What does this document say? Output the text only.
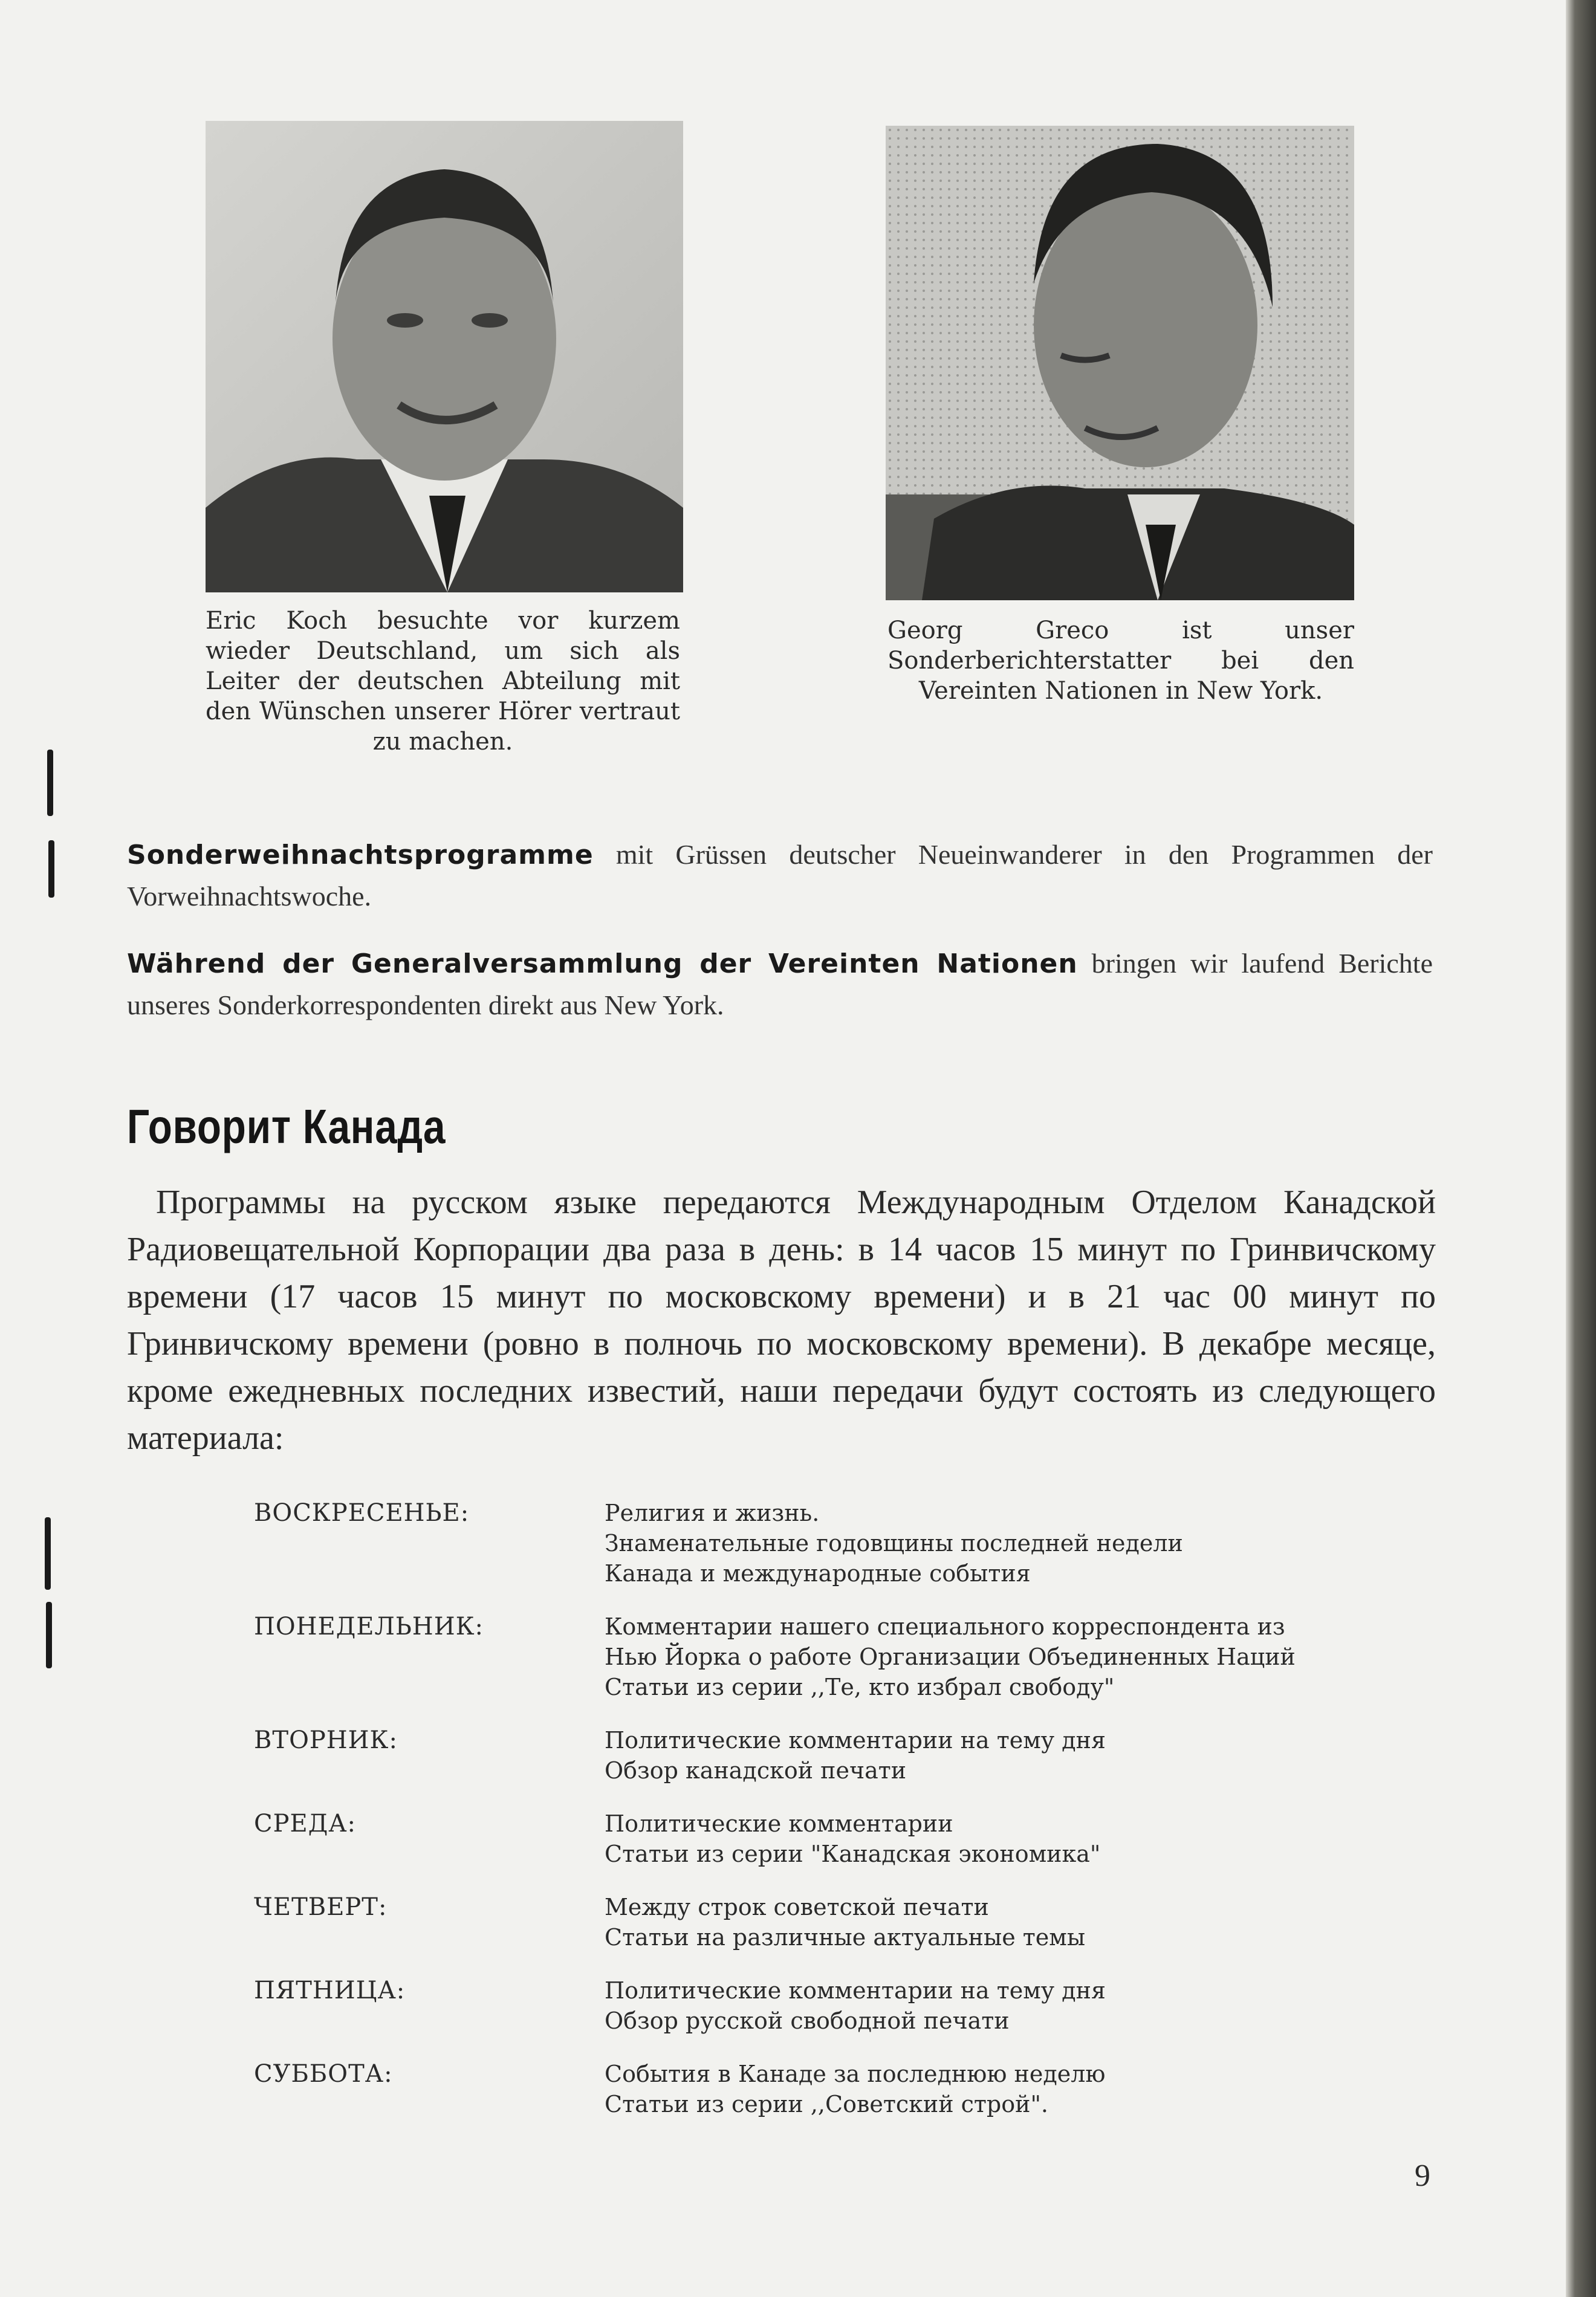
Eric Koch besuchte vor kurzem wieder Deutschland, um sich als Leiter der deutschen Abteilung mit den Wünschen unserer Hörer vertraut zu machen.

Georg Greco ist unser Sonderberichterstatter bei den Vereinten Nationen in New York.

Sonderweihnachtsprogramme mit Grüssen deutscher Neueinwanderer in den Programmen der Vorweihnachtswoche.

Während der Generalversammlung der Vereinten Nationen bringen wir laufend Berichte unseres Sonderkorrespondenten direkt aus New York.

Говорит Канада

Программы на русском языке передаются Международным Отделом Канадской Радиовещательной Корпорации два раза в день: в 14 часов 15 минут по Гринвичскому времени (17 часов 15 минут по московскому времени) и в 21 час 00 минут по Гринвичскому времени (ровно в полночь по московскому времени). В декабре месяце, кроме ежедневных последних известий, наши передачи будут состоять из следующего материала:

ВОСКРЕСЕНЬЕ:	Религия и жизнь.
Знаменательные годовщины последней недели
Канада и международные события
ПОНЕДЕЛЬНИК:	Комментарии нашего специального корреспондента из
Нью Йорка о работе Организации Объединенных Наций
Статьи из серии ,,Те, кто избрал свободу"
ВТОРНИК:	Политические комментарии на тему дня
Обзор канадской печати
СРЕДА:	Политические комментарии
Статьи из серии "Канадская экономика"
ЧЕТВЕРТ:	Между строк советской печати
Статьи на различные актуальные темы
ПЯТНИЦА:	Политические комментарии на тему дня
Обзор русской свободной печати
СУББОТА:	События в Канаде за последнюю неделю
Статьи из серии ,,Советский строй".

9
